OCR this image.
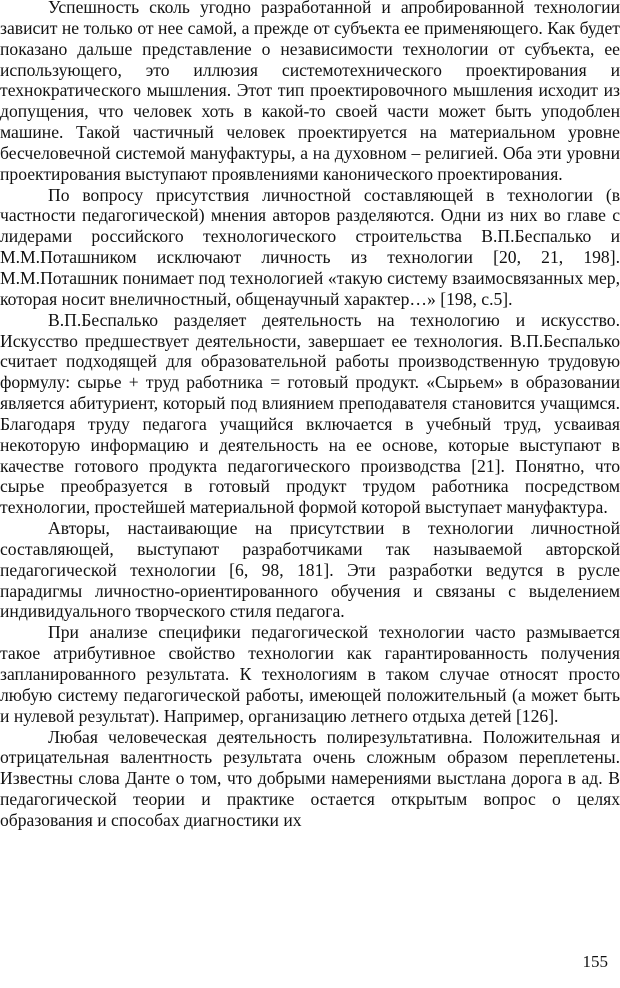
Успешность сколь угодно разработанной и апробированной технологии зависит не только от нее самой, а прежде от субъекта ее применяющего. Как будет показано дальше представление о независимости технологии от субъекта, ее использующего, это иллюзия системотехнического проектирования и технократического мышления. Этот тип проектировочного мышления исходит из допущения, что человек хоть в какой-то своей части может быть уподоблен машине. Такой частичный человек проектируется на материальном уровне бесчеловечной системой мануфактуры, а на духовном – религией. Оба эти уровни проектирования выступают проявлениями канонического проектирования.

По вопросу присутствия личностной составляющей в технологии (в частности педагогической) мнения авторов разделяются. Одни из них во главе с лидерами российского технологического строительства В.П.Беспалько и М.М.Поташником исключают личность из технологии [20, 21, 198]. М.М.Поташник понимает под технологией «такую систему взаимосвязанных мер, которая носит внеличностный, общенаучный характер…» [198, с.5].

В.П.Беспалько разделяет деятельность на технологию и искусство. Искусство предшествует деятельности, завершает ее технология. В.П.Беспалько считает подходящей для образовательной работы производственную трудовую формулу: сырье + труд работника = готовый продукт. «Сырьем» в образовании является абитуриент, который под влиянием преподавателя становится учащимся. Благодаря труду педагога учащийся включается в учебный труд, усваивая некоторую информацию и деятельность на ее основе, которые выступают в качестве готового продукта педагогического производства [21]. Понятно, что сырье преобразуется в готовый продукт трудом работника посредством технологии, простейшей материальной формой которой выступает мануфактура.

Авторы, настаивающие на присутствии в технологии личностной составляющей, выступают разработчиками так называемой авторской педагогической технологии [6, 98, 181]. Эти разработки ведутся в русле парадигмы личностно-ориентированного обучения и связаны с выделением индивидуального творческого стиля педагога.

При анализе специфики педагогической технологии часто размывается такое атрибутивное свойство технологии как гарантированность получения запланированного результата. К технологиям в таком случае относят просто любую систему педагогической работы, имеющей положительный (а может быть и нулевой результат). Например, организацию летнего отдыха детей [126].

Любая человеческая деятельность полирезультативна. Положительная и отрицательная валентность результата очень сложным образом переплетены. Известны слова Данте о том, что добрыми намерениями выстлана дорога в ад. В педагогической теории и практике остается открытым вопрос о целях образования и способах диагностики их

155
